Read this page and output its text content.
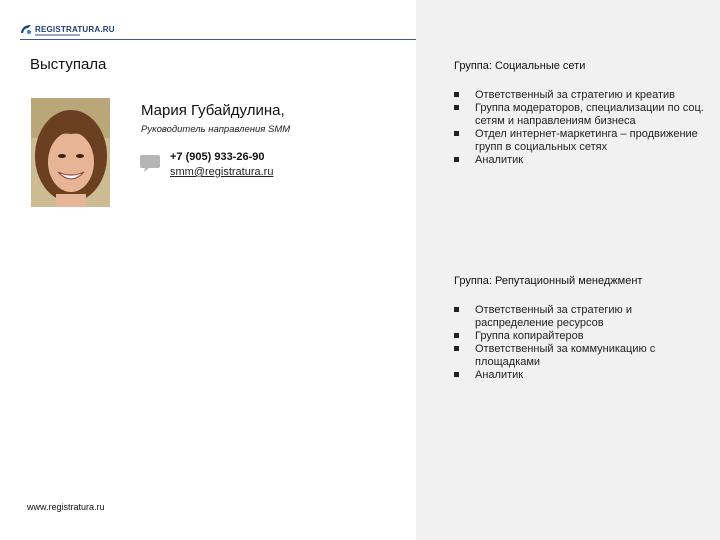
REGISTRATURA.RU
Выступала
Мария Губайдулина,
Руководитель направления SMM
+7 (905) 933-26-90
smm@registratura.ru
Группа: Социальные сети
Ответственный за стратегию и креатив
Группа модераторов, специализации по соц. сетям и направлениям бизнеса
Отдел интернет-маркетинга – продвижение групп в социальных сетях
Аналитик
Группа: Репутационный менеджмент
Ответственный за стратегию и распределение ресурсов
Группа копирайтеров
Ответственный за коммуникацию с площадками
Аналитик
www.registratura.ru
